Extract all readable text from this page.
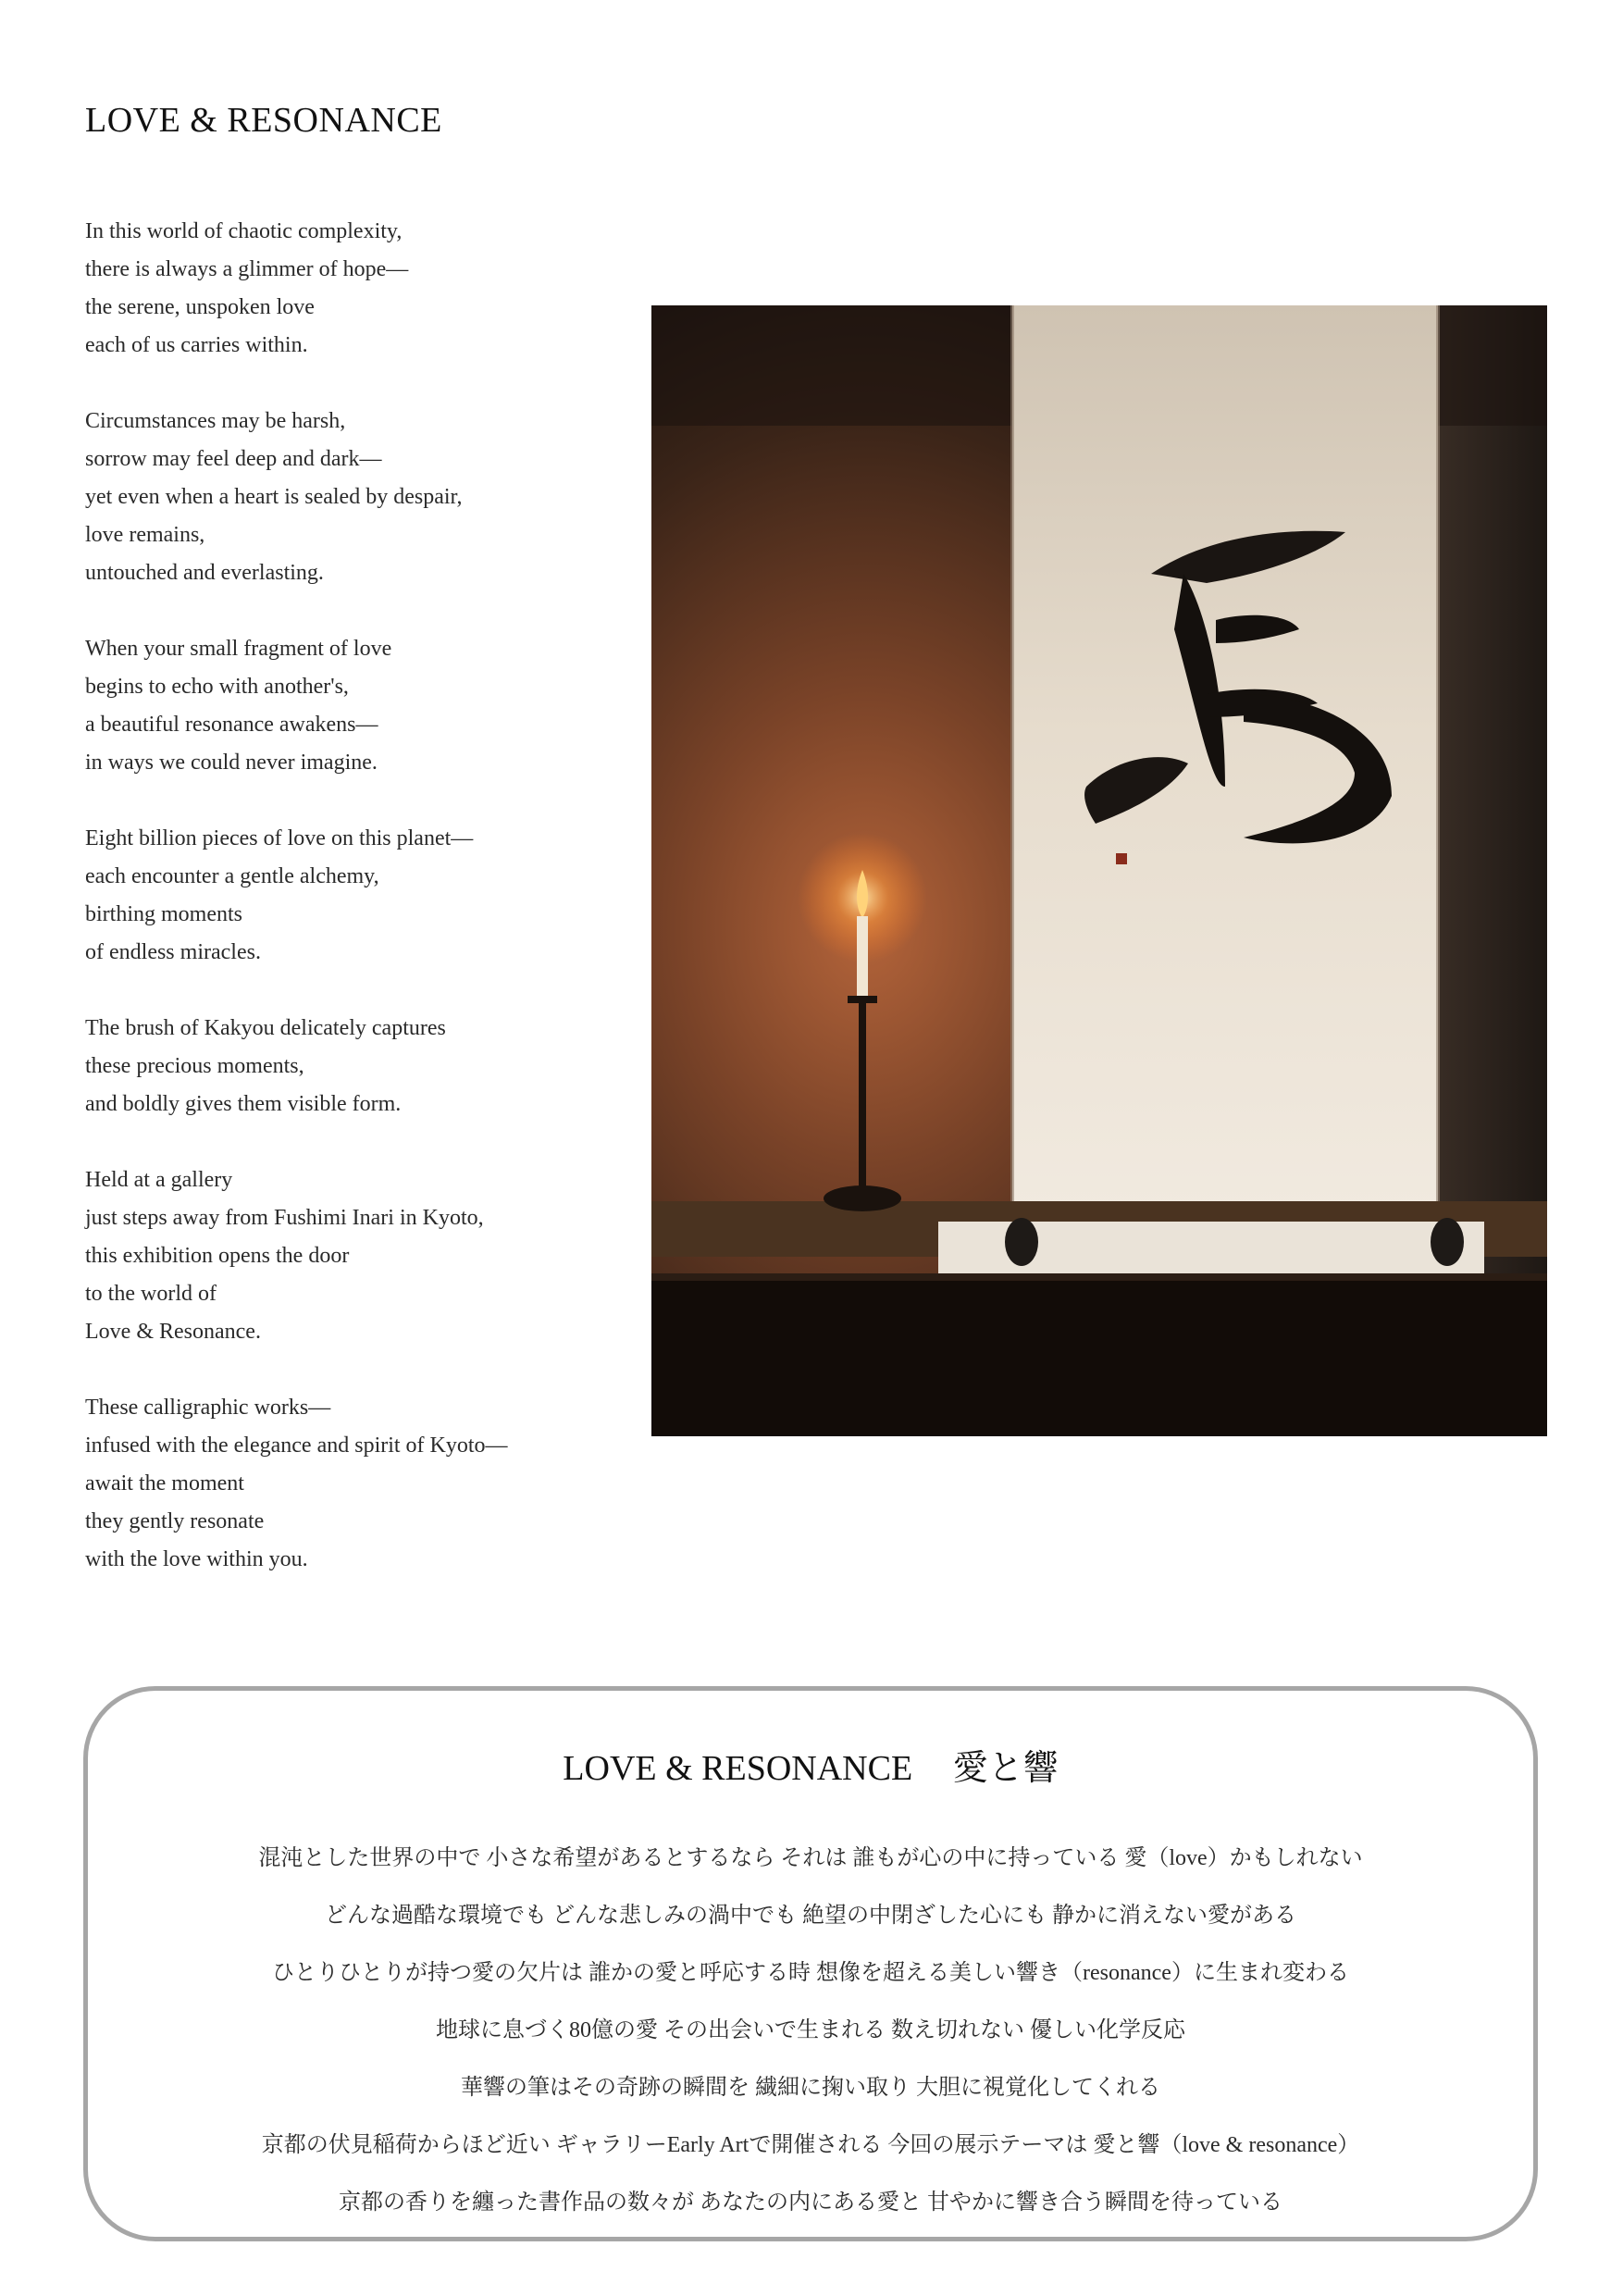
LOVE & RESONANCE

In this world of chaotic complexity,
there is always a glimmer of hope—
the serene, unspoken love
each of us carries within.

Circumstances may be harsh,
sorrow may feel deep and dark—
yet even when a heart is sealed by despair,
love remains,
untouched and everlasting.

When your small fragment of love
begins to echo with another's,
a beautiful resonance awakens—
in ways we could never imagine.

Eight billion pieces of love on this planet—
each encounter a gentle alchemy,
birthing moments
of endless miracles.

The brush of Kakyou delicately captures
these precious moments,
and boldly gives them visible form.

Held at a gallery
just steps away from Fushimi Inari in Kyoto,
this exhibition opens the door
to the world of
Love & Resonance.

These calligraphic works—
infused with the elegance and spirit of Kyoto—
await the moment
they gently resonate
with the love within you.

LOVE & RESONANCE 愛と響
混沌とした世界の中で 小さな希望があるとするなら それは 誰もが心の中に持っている 愛（love）かもしれない
どんな過酷な環境でも どんな悲しみの渦中でも 絶望の中閉ざした心にも 静かに消えない愛がある
ひとりひとりが持つ愛の欠片は 誰かの愛と呼応する時 想像を超える美しい響き（resonance）に生まれ変わる
地球に息づく80億の愛 その出会いで生まれる 数え切れない 優しい化学反応
華響の筆はその奇跡の瞬間を 繊細に掬い取り 大胆に視覚化してくれる
京都の伏見稲荷からほど近い ギャラリーEarly Artで開催される 今回の展示テーマは 愛と響（love & resonance）
京都の香りを纏った書作品の数々が あなたの内にある愛と 甘やかに響き合う瞬間を待っている
